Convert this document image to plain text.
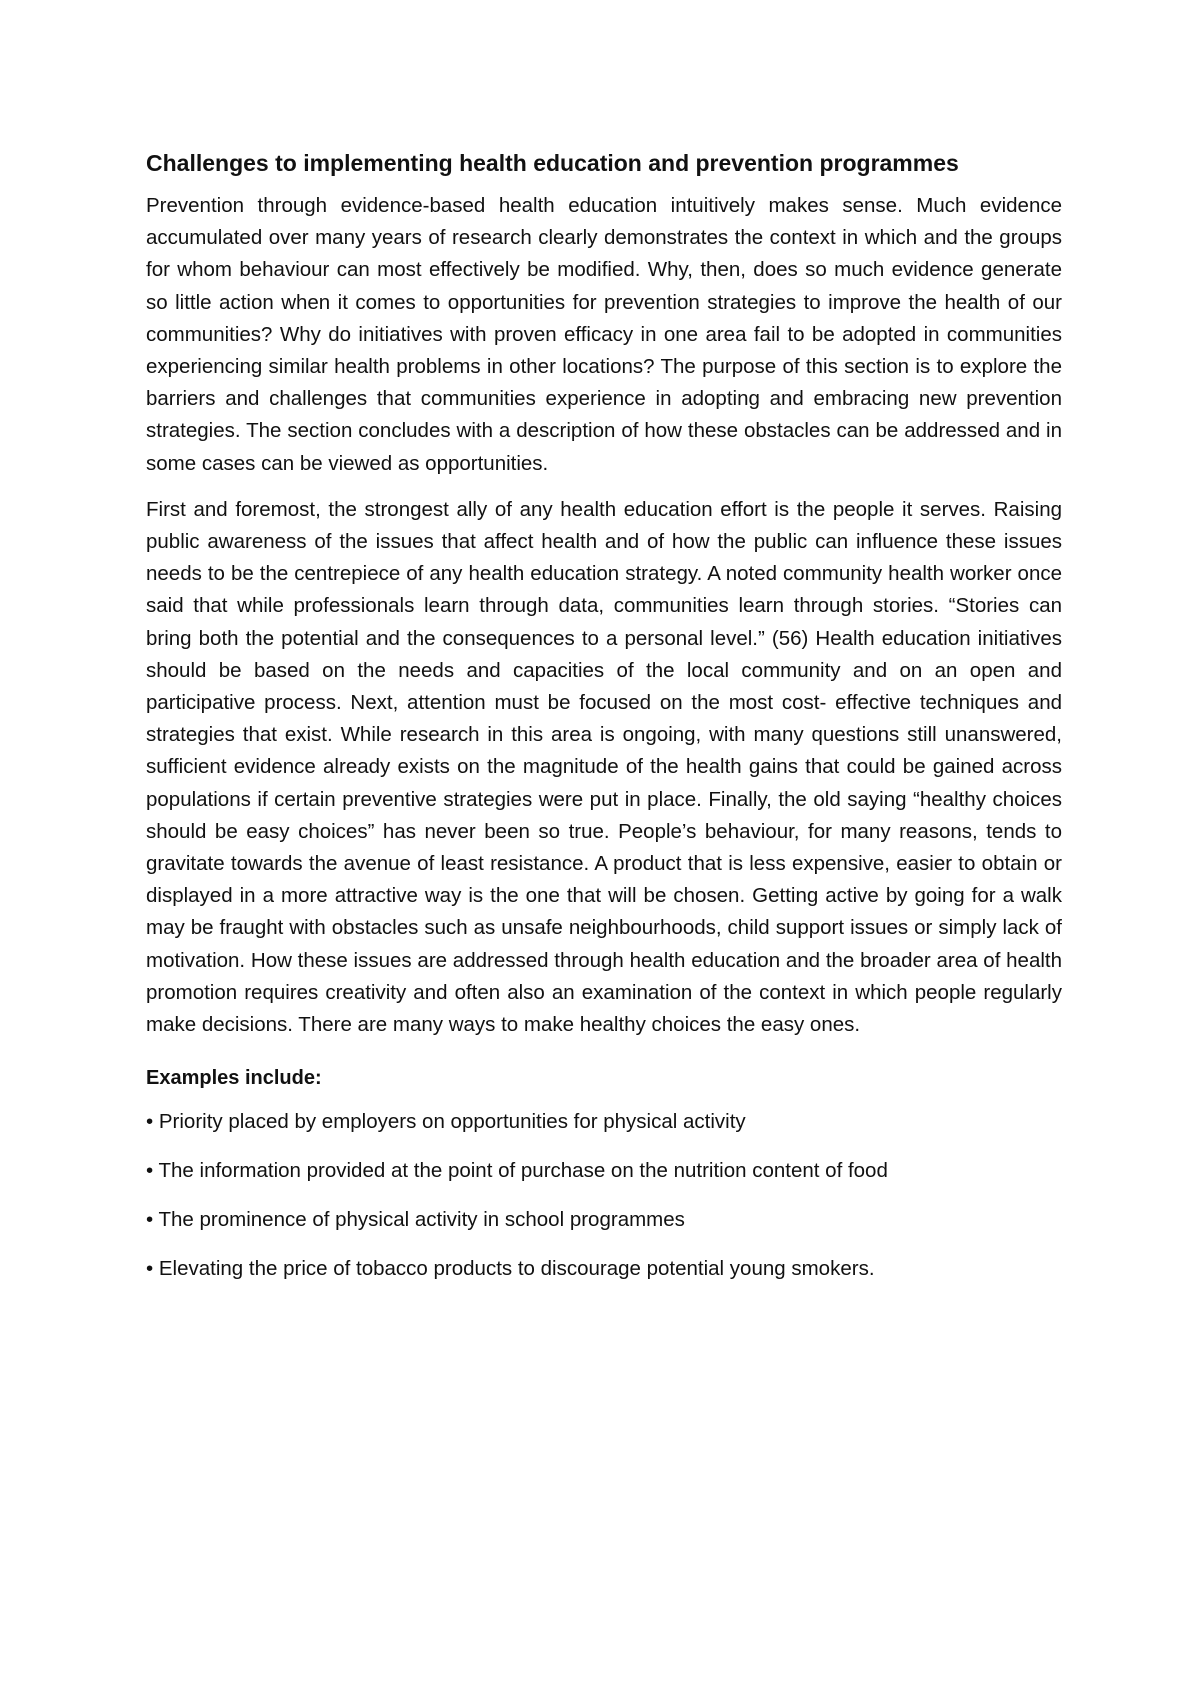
Challenges to implementing health education and prevention programmes

Prevention through evidence-based health education intuitively makes sense. Much evidence accumulated over many years of research clearly demonstrates the context in which and the groups for whom behaviour can most effectively be modified. Why, then, does so much evidence generate so little action when it comes to opportunities for prevention strategies to improve the health of our communities? Why do initiatives with proven efficacy in one area fail to be adopted in communities experiencing similar health problems in other locations? The purpose of this section is to explore the barriers and challenges that communities experience in adopting and embracing new prevention strategies. The section concludes with a description of how these obstacles can be addressed and in some cases can be viewed as opportunities.

First and foremost, the strongest ally of any health education effort is the people it serves. Raising public awareness of the issues that affect health and of how the public can influence these issues needs to be the centrepiece of any health education strategy. A noted community health worker once said that while professionals learn through data, communities learn through stories. “Stories can bring both the potential and the consequences to a personal level.” (56) Health education initiatives should be based on the needs and capacities of the local community and on an open and participative process. Next, attention must be focused on the most cost- effective techniques and strategies that exist. While research in this area is ongoing, with many questions still unanswered, sufficient evidence already exists on the magnitude of the health gains that could be gained across populations if certain preventive strategies were put in place. Finally, the old saying “healthy choices should be easy choices” has never been so true. People’s behaviour, for many reasons, tends to gravitate towards the avenue of least resistance. A product that is less expensive, easier to obtain or displayed in a more attractive way is the one that will be chosen. Getting active by going for a walk may be fraught with obstacles such as unsafe neighbourhoods, child support issues or simply lack of motivation. How these issues are addressed through health education and the broader area of health promotion requires creativity and often also an examination of the context in which people regularly make decisions. There are many ways to make healthy choices the easy ones.

Examples include:
• Priority placed by employers on opportunities for physical activity
• The information provided at the point of purchase on the nutrition content of food
• The prominence of physical activity in school programmes
• Elevating the price of tobacco products to discourage potential young smokers.
